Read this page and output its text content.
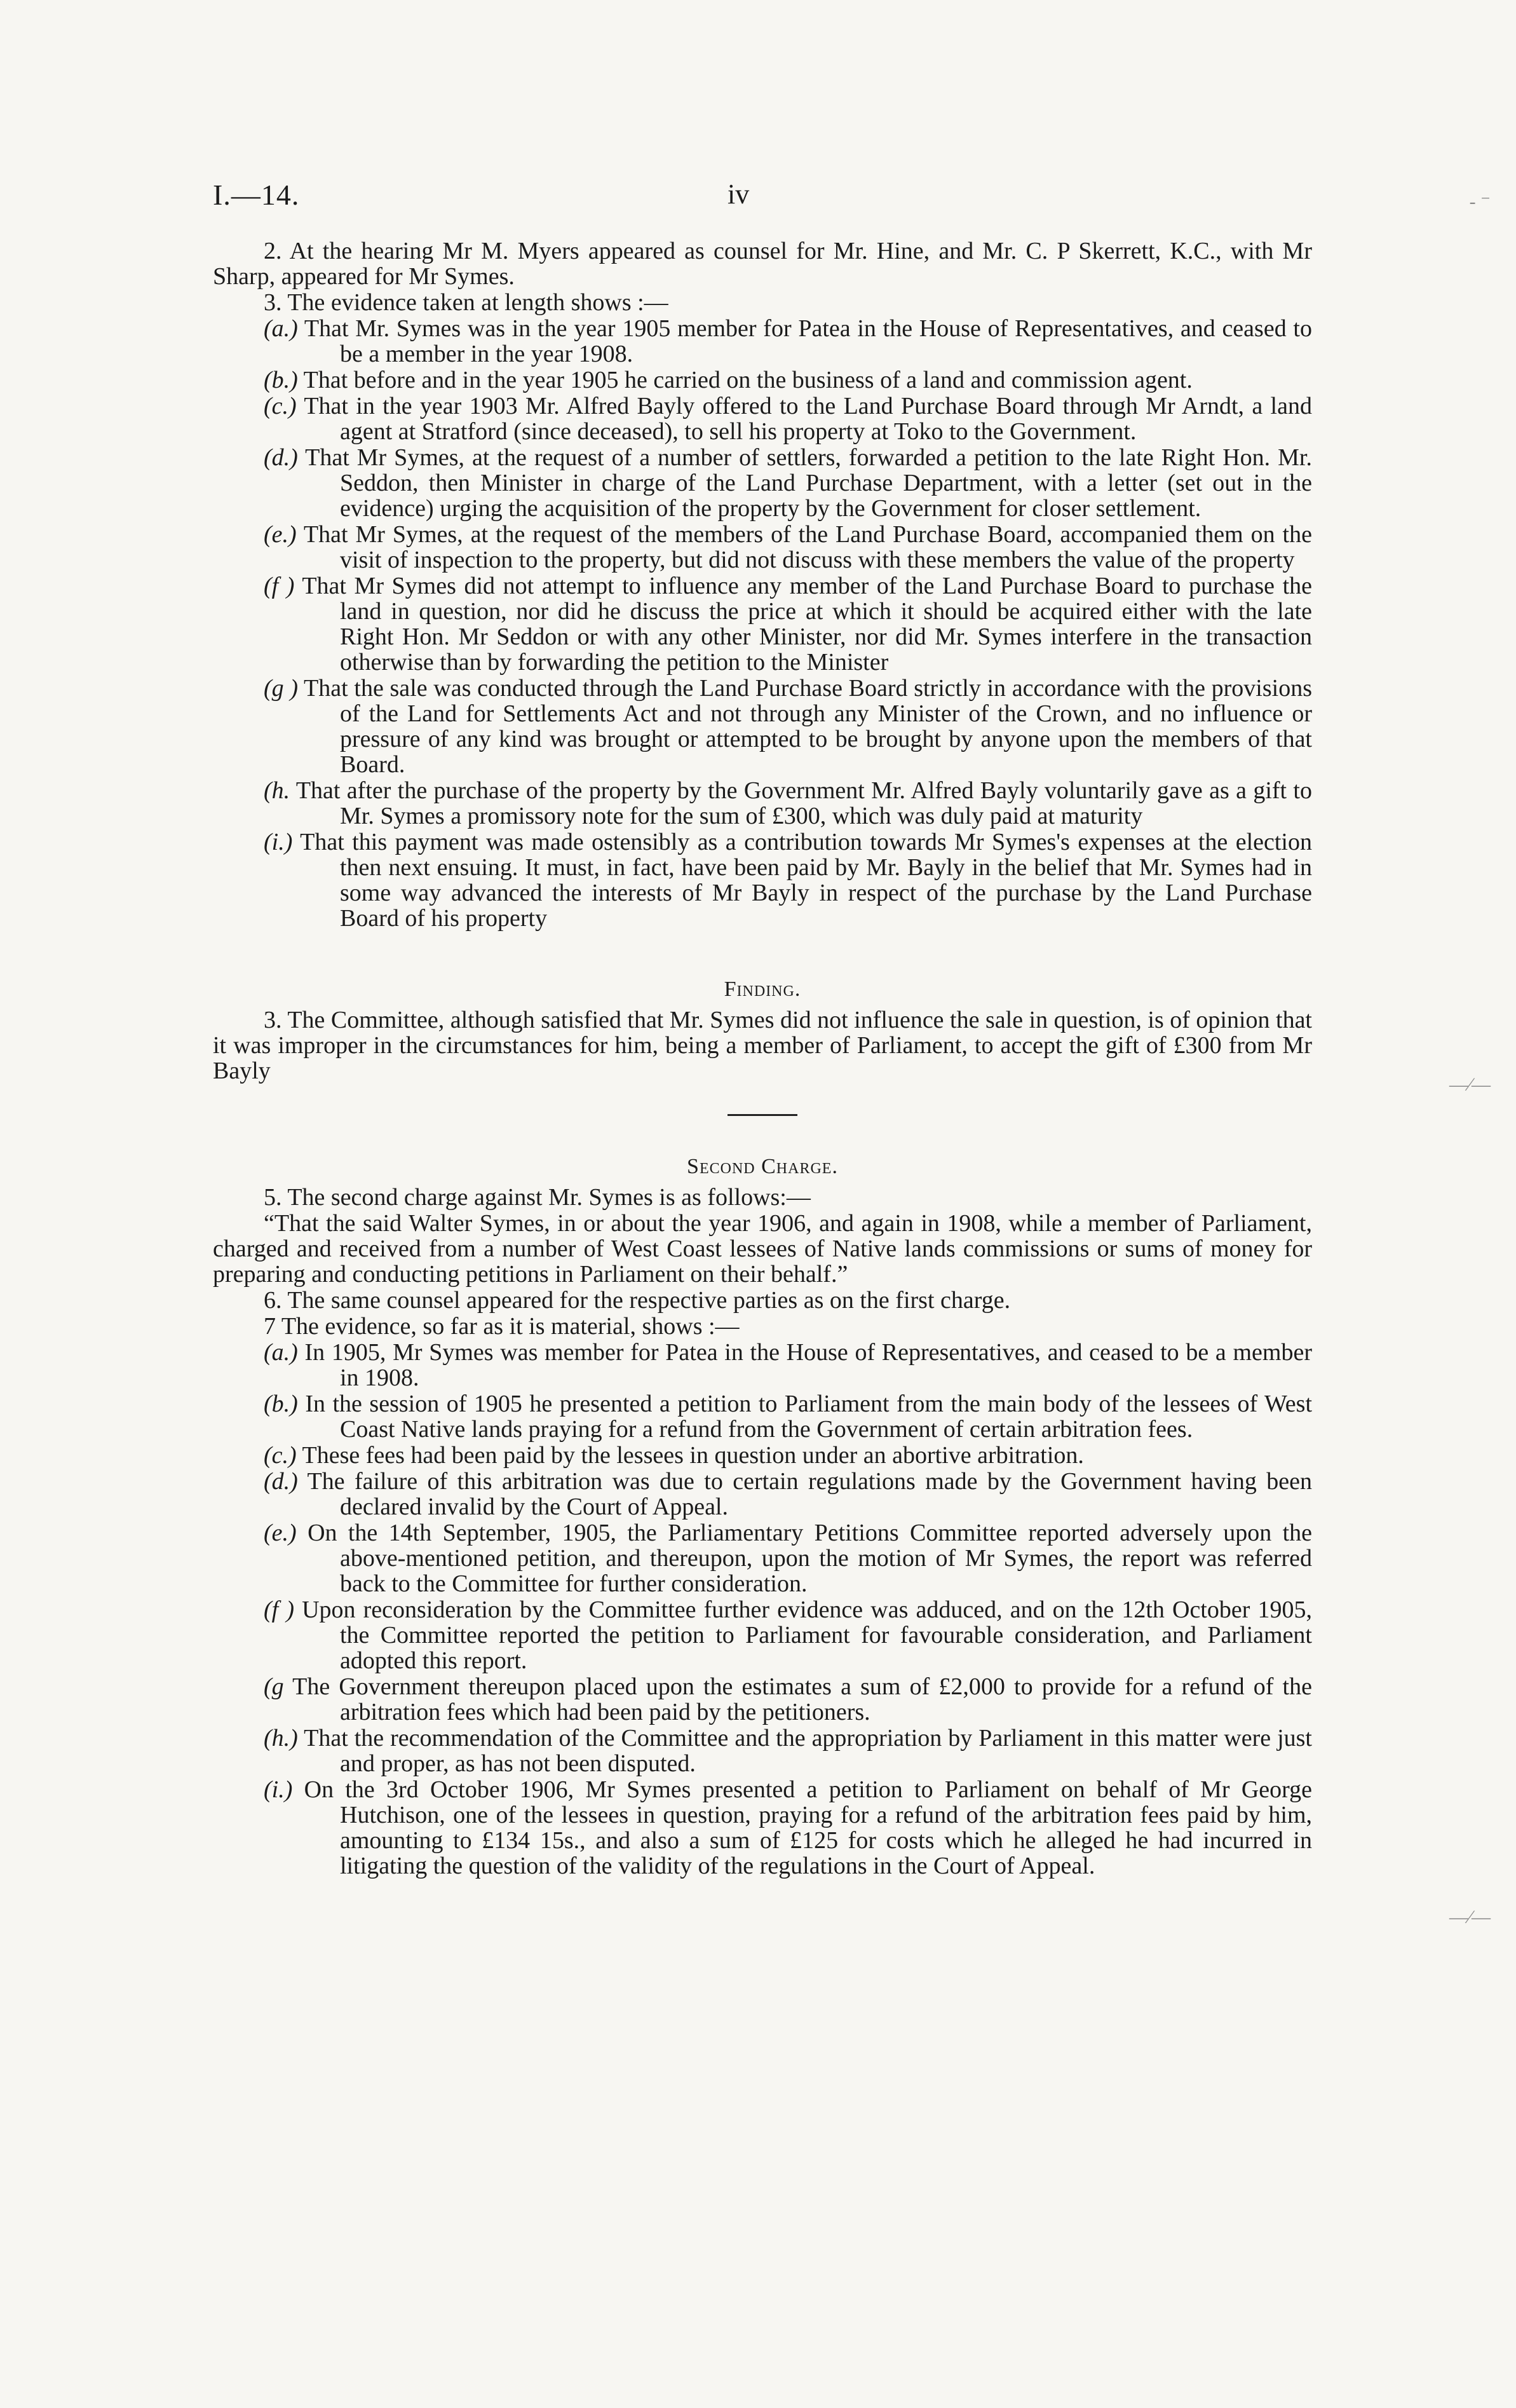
I.—14.	iv

2. At the hearing Mr M. Myers appeared as counsel for Mr. Hine, and Mr. C. P Skerrett, K.C., with Mr Sharp, appeared for Mr Symes.

3. The evidence taken at length shows :—

(a.) That Mr. Symes was in the year 1905 member for Patea in the House of Representatives, and ceased to be a member in the year 1908.

(b.) That before and in the year 1905 he carried on the business of a land and commission agent.

(c.) That in the year 1903 Mr. Alfred Bayly offered to the Land Purchase Board through Mr Arndt, a land agent at Stratford (since deceased), to sell his property at Toko to the Government.

(d.) That Mr Symes, at the request of a number of settlers, forwarded a petition to the late Right Hon. Mr. Seddon, then Minister in charge of the Land Purchase Department, with a letter (set out in the evidence) urging the acquisition of the property by the Government for closer settlement.

(e.) That Mr Symes, at the request of the members of the Land Purchase Board, accompanied them on the visit of inspection to the property, but did not discuss with these members the value of the property

(f ) That Mr Symes did not attempt to influence any member of the Land Purchase Board to purchase the land in question, nor did he discuss the price at which it should be acquired either with the late Right Hon. Mr Seddon or with any other Minister, nor did Mr. Symes interfere in the transaction otherwise than by forwarding the petition to the Minister

(g ) That the sale was conducted through the Land Purchase Board strictly in accordance with the provisions of the Land for Settlements Act and not through any Minister of the Crown, and no influence or pressure of any kind was brought or attempted to be brought by anyone upon the members of that Board.

(h. That after the purchase of the property by the Government Mr. Alfred Bayly voluntarily gave as a gift to Mr. Symes a promissory note for the sum of £300, which was duly paid at maturity

(i.) That this payment was made ostensibly as a contribution towards Mr Symes's expenses at the election then next ensuing. It must, in fact, have been paid by Mr. Bayly in the belief that Mr. Symes had in some way advanced the interests of Mr Bayly in respect of the purchase by the Land Purchase Board of his property

Finding.

3. The Committee, although satisfied that Mr. Symes did not influence the sale in question, is of opinion that it was improper in the circumstances for him, being a member of Parliament, to accept the gift of £300 from Mr Bayly

Second Charge.

5. The second charge against Mr. Symes is as follows:—

“That the said Walter Symes, in or about the year 1906, and again in 1908, while a member of Parliament, charged and received from a number of West Coast lessees of Native lands commissions or sums of money for preparing and conducting petitions in Parliament on their behalf.”

6. The same counsel appeared for the respective parties as on the first charge.

7 The evidence, so far as it is material, shows :—

(a.) In 1905, Mr Symes was member for Patea in the House of Representatives, and ceased to be a member in 1908.

(b.) In the session of 1905 he presented a petition to Parliament from the main body of the lessees of West Coast Native lands praying for a refund from the Government of certain arbitration fees.

(c.) These fees had been paid by the lessees in question under an abortive arbitration.

(d.) The failure of this arbitration was due to certain regulations made by the Government having been declared invalid by the Court of Appeal.

(e.) On the 14th September, 1905, the Parliamentary Petitions Committee reported adversely upon the above-mentioned petition, and thereupon, upon the motion of Mr Symes, the report was referred back to the Committee for further consideration.

(f ) Upon reconsideration by the Committee further evidence was adduced, and on the 12th October 1905, the Committee reported the petition to Parliament for favourable consideration, and Parliament adopted this report.

(g The Government thereupon placed upon the estimates a sum of £2,000 to provide for a refund of the arbitration fees which had been paid by the petitioners.

(h.) That the recommendation of the Committee and the appropriation by Parliament in this matter were just and proper, as has not been disputed.

(i.) On the 3rd October 1906, Mr Symes presented a petition to Parliament on behalf of Mr George Hutchison, one of the lessees in question, praying for a refund of the arbitration fees paid by him, amounting to £134 15s., and also a sum of £125 for costs which he alleged he had incurred in litigating the question of the validity of the regulations in the Court of Appeal.

‐ ⁻
—⁄—
—⁄—
